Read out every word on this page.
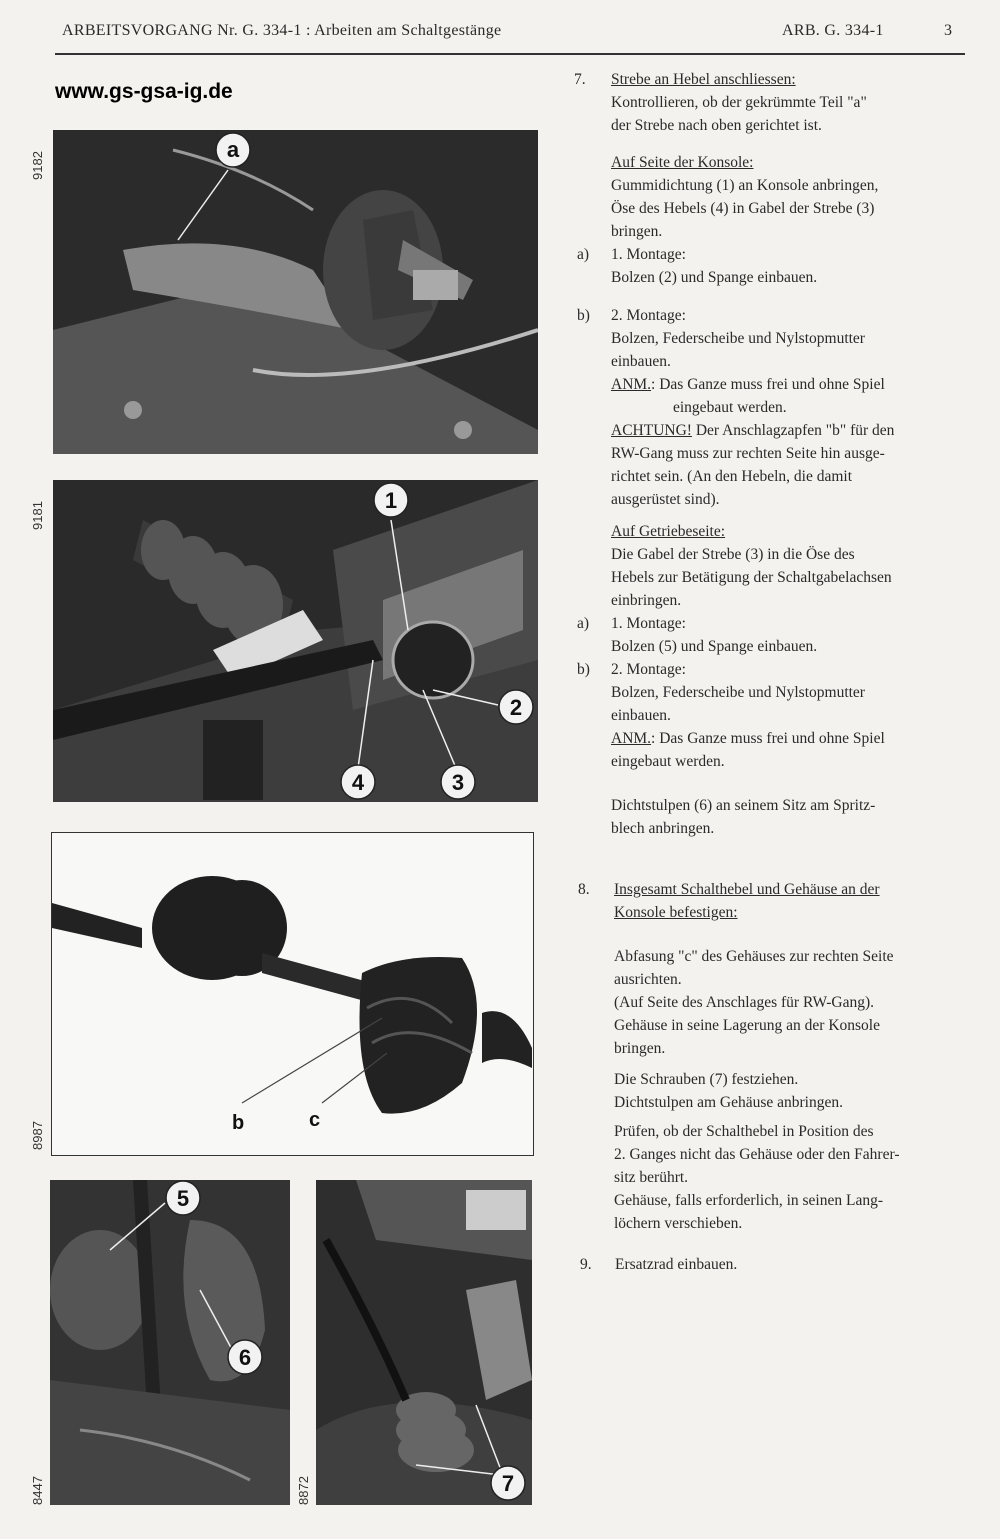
ARBEITSVORGANG Nr. G. 334-1 : Arbeiten am Schaltgestänge	ARB. G. 334-1	3
www.gs-gsa-ig.de
9182
a
9181
1
2
3
4
8987	b	c
8447
5
6
8872	7
7. Strebe an Hebel anschliessen:

Kontrollieren, ob der gekrümmte Teil "a"

der Strebe nach oben gerichtet ist.

Auf Seite der Konsole:

Gummidichtung (1) an Konsole anbringen,

Öse des Hebels (4) in Gabel der Strebe (3)

bringen.

1. Montage:

Bolzen (2) und Spange einbauen.

a)

2. Montage:

Bolzen, Federscheibe und Nylstopmutter

einbauen.

ANM.: Das Ganze muss frei und ohne Spiel

eingebaut werden.

ACHTUNG! Der Anschlagzapfen "b" für den

RW-Gang muss zur rechten Seite hin ausge-

richtet sein. (An den Hebeln, die damit

ausgerüstet sind).

b)

Auf Getriebeseite:

Die Gabel der Strebe (3) in die Öse des

Hebels zur Betätigung der Schaltgabelachsen

einbringen.

1. Montage:

Bolzen (5) und Spange einbauen.

2. Montage:

Bolzen, Federscheibe und Nylstopmutter

einbauen.

ANM.: Das Ganze muss frei und ohne Spiel

eingebaut werden.

a)
b)

Dichtstulpen (6) an seinem Sitz am Spritz-

blech anbringen.

8. Insgesamt Schalthebel und Gehäuse an der

Konsole befestigen:

Abfasung "c" des Gehäuses zur rechten Seite

ausrichten.

(Auf Seite des Anschlages für RW-Gang).

Gehäuse in seine Lagerung an der Konsole

bringen.

Die Schrauben (7) festziehen.

Dichtstulpen am Gehäuse anbringen.

Prüfen, ob der Schalthebel in Position des

2. Ganges nicht das Gehäuse oder den Fahrer-

sitz berührt.

Gehäuse, falls erforderlich, in seinen Lang-

löchern verschieben.

9. Ersatzrad einbauen.
